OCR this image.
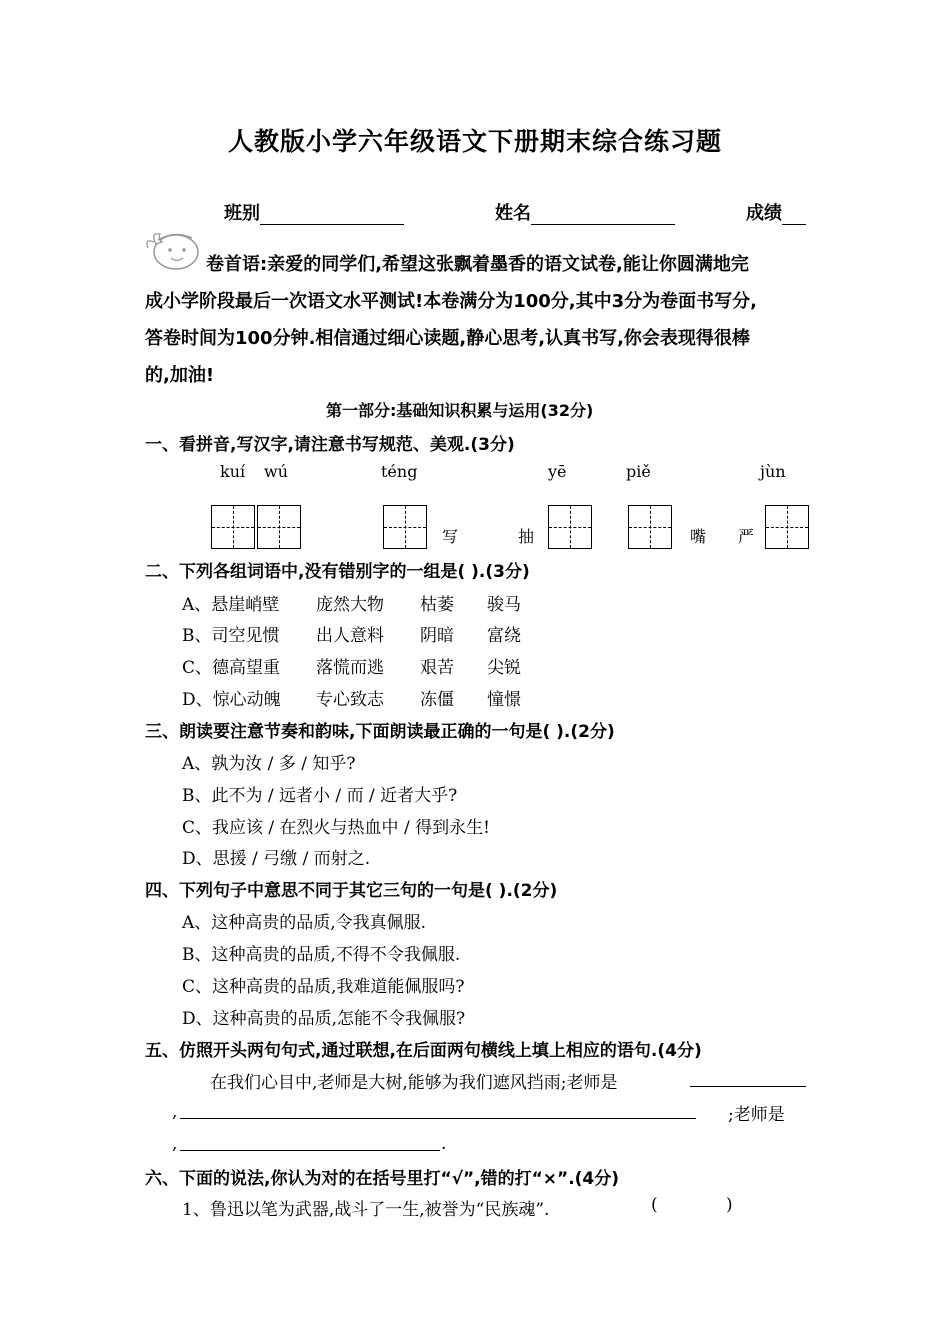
人教版小学六年级语文下册期末综合练习题
班别	姓名	成绩
卷首语:亲爱的同学们,希望这张飘着墨香的语文试卷,能让你圆满地完
成小学阶段最后一次语文水平测试!本卷满分为100分,其中3分为卷面书写分,
答卷时间为100分钟.相信通过细心读题,静心思考,认真书写,你会表现得很棒
的,加油!
第一部分:基础知识积累与运用(32分)
一、看拼音,写汉字,请注意书写规范、美观.(3分)
kuí wú	téng	yē	piě	jùn
写	抽	嘴 严
二、下列各组词语中,没有错别字的一组是( ).(3分)
A、悬崖峭壁 庞然大物 枯萎 骏马
B、司空见惯 出人意料 阴暗 富绕
C、德高望重 落慌而逃 艰苦 尖锐
D、惊心动魄 专心致志 冻僵 憧憬
三、朗读要注意节奏和韵味,下面朗读最正确的一句是( ).(2分)
A、孰为汝 / 多 / 知乎?
B、此不为 / 远者小 / 而 / 近者大乎?
C、我应该 / 在烈火与热血中 / 得到永生!
D、思援 / 弓缴 / 而射之.
四、下列句子中意思不同于其它三句的一句是( ).(2分)
A、这种高贵的品质,令我真佩服.
B、这种高贵的品质,不得不令我佩服.
C、这种高贵的品质,我难道能佩服吗?
D、这种高贵的品质,怎能不令我佩服?
五、仿照开头两句句式,通过联想,在后面两句横线上填上相应的语句.(4分)
在我们心目中,老师是大树,能够为我们遮风挡雨;老师是
,	;老师是
,	.
六、下面的说法,你认为对的在括号里打“√”,错的打“×”.(4分)
1、鲁迅以笔为武器,战斗了一生,被誉为“民族魂”.	(	)
